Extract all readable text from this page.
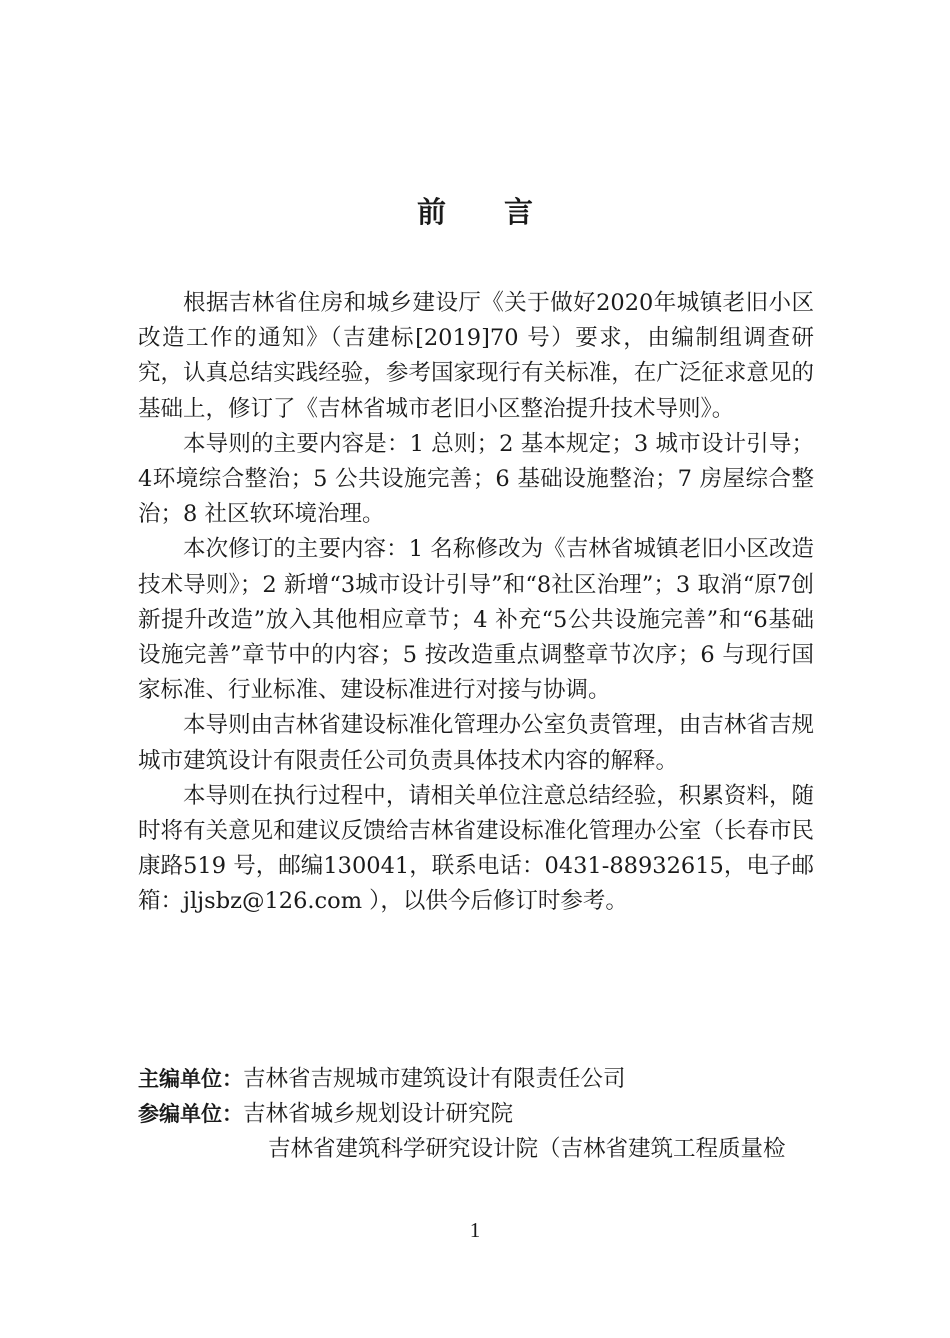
前 言

根据吉林省住房和城乡建设厅《关于做好2020年城镇老旧小区改造工作的通知》（吉建标[2019]70 号）要求，由编制组调查研究，认真总结实践经验，参考国家现行有关标准，在广泛征求意见的基础上，修订了《吉林省城市老旧小区整治提升技术导则》。

本导则的主要内容是：1 总则；2 基本规定；3 城市设计引导；4环境综合整治；5 公共设施完善；6 基础设施整治；7 房屋综合整治；8 社区软环境治理。

本次修订的主要内容：1 名称修改为《吉林省城镇老旧小区改造技术导则》；2 新增“3城市设计引导”和“8社区治理”；3 取消“原7创新提升改造”放入其他相应章节；4 补充“5公共设施完善”和“6基础设施完善”章节中的内容；5 按改造重点调整章节次序；6 与现行国家标准、行业标准、建设标准进行对接与协调。

本导则由吉林省建设标准化管理办公室负责管理，由吉林省吉规城市建筑设计有限责任公司负责具体技术内容的解释。

本导则在执行过程中，请相关单位注意总结经验，积累资料，随时将有关意见和建议反馈给吉林省建设标准化管理办公室（长春市民康路519 号，邮编130041，联系电话：0431-88932615，电子邮箱：jljsbz@126.com ），以供今后修订时参考。

主编单位： 吉林省吉规城市建筑设计有限责任公司
参编单位： 吉林省城乡规划设计研究院
吉林省建筑科学研究设计院（吉林省建筑工程质量检
1
